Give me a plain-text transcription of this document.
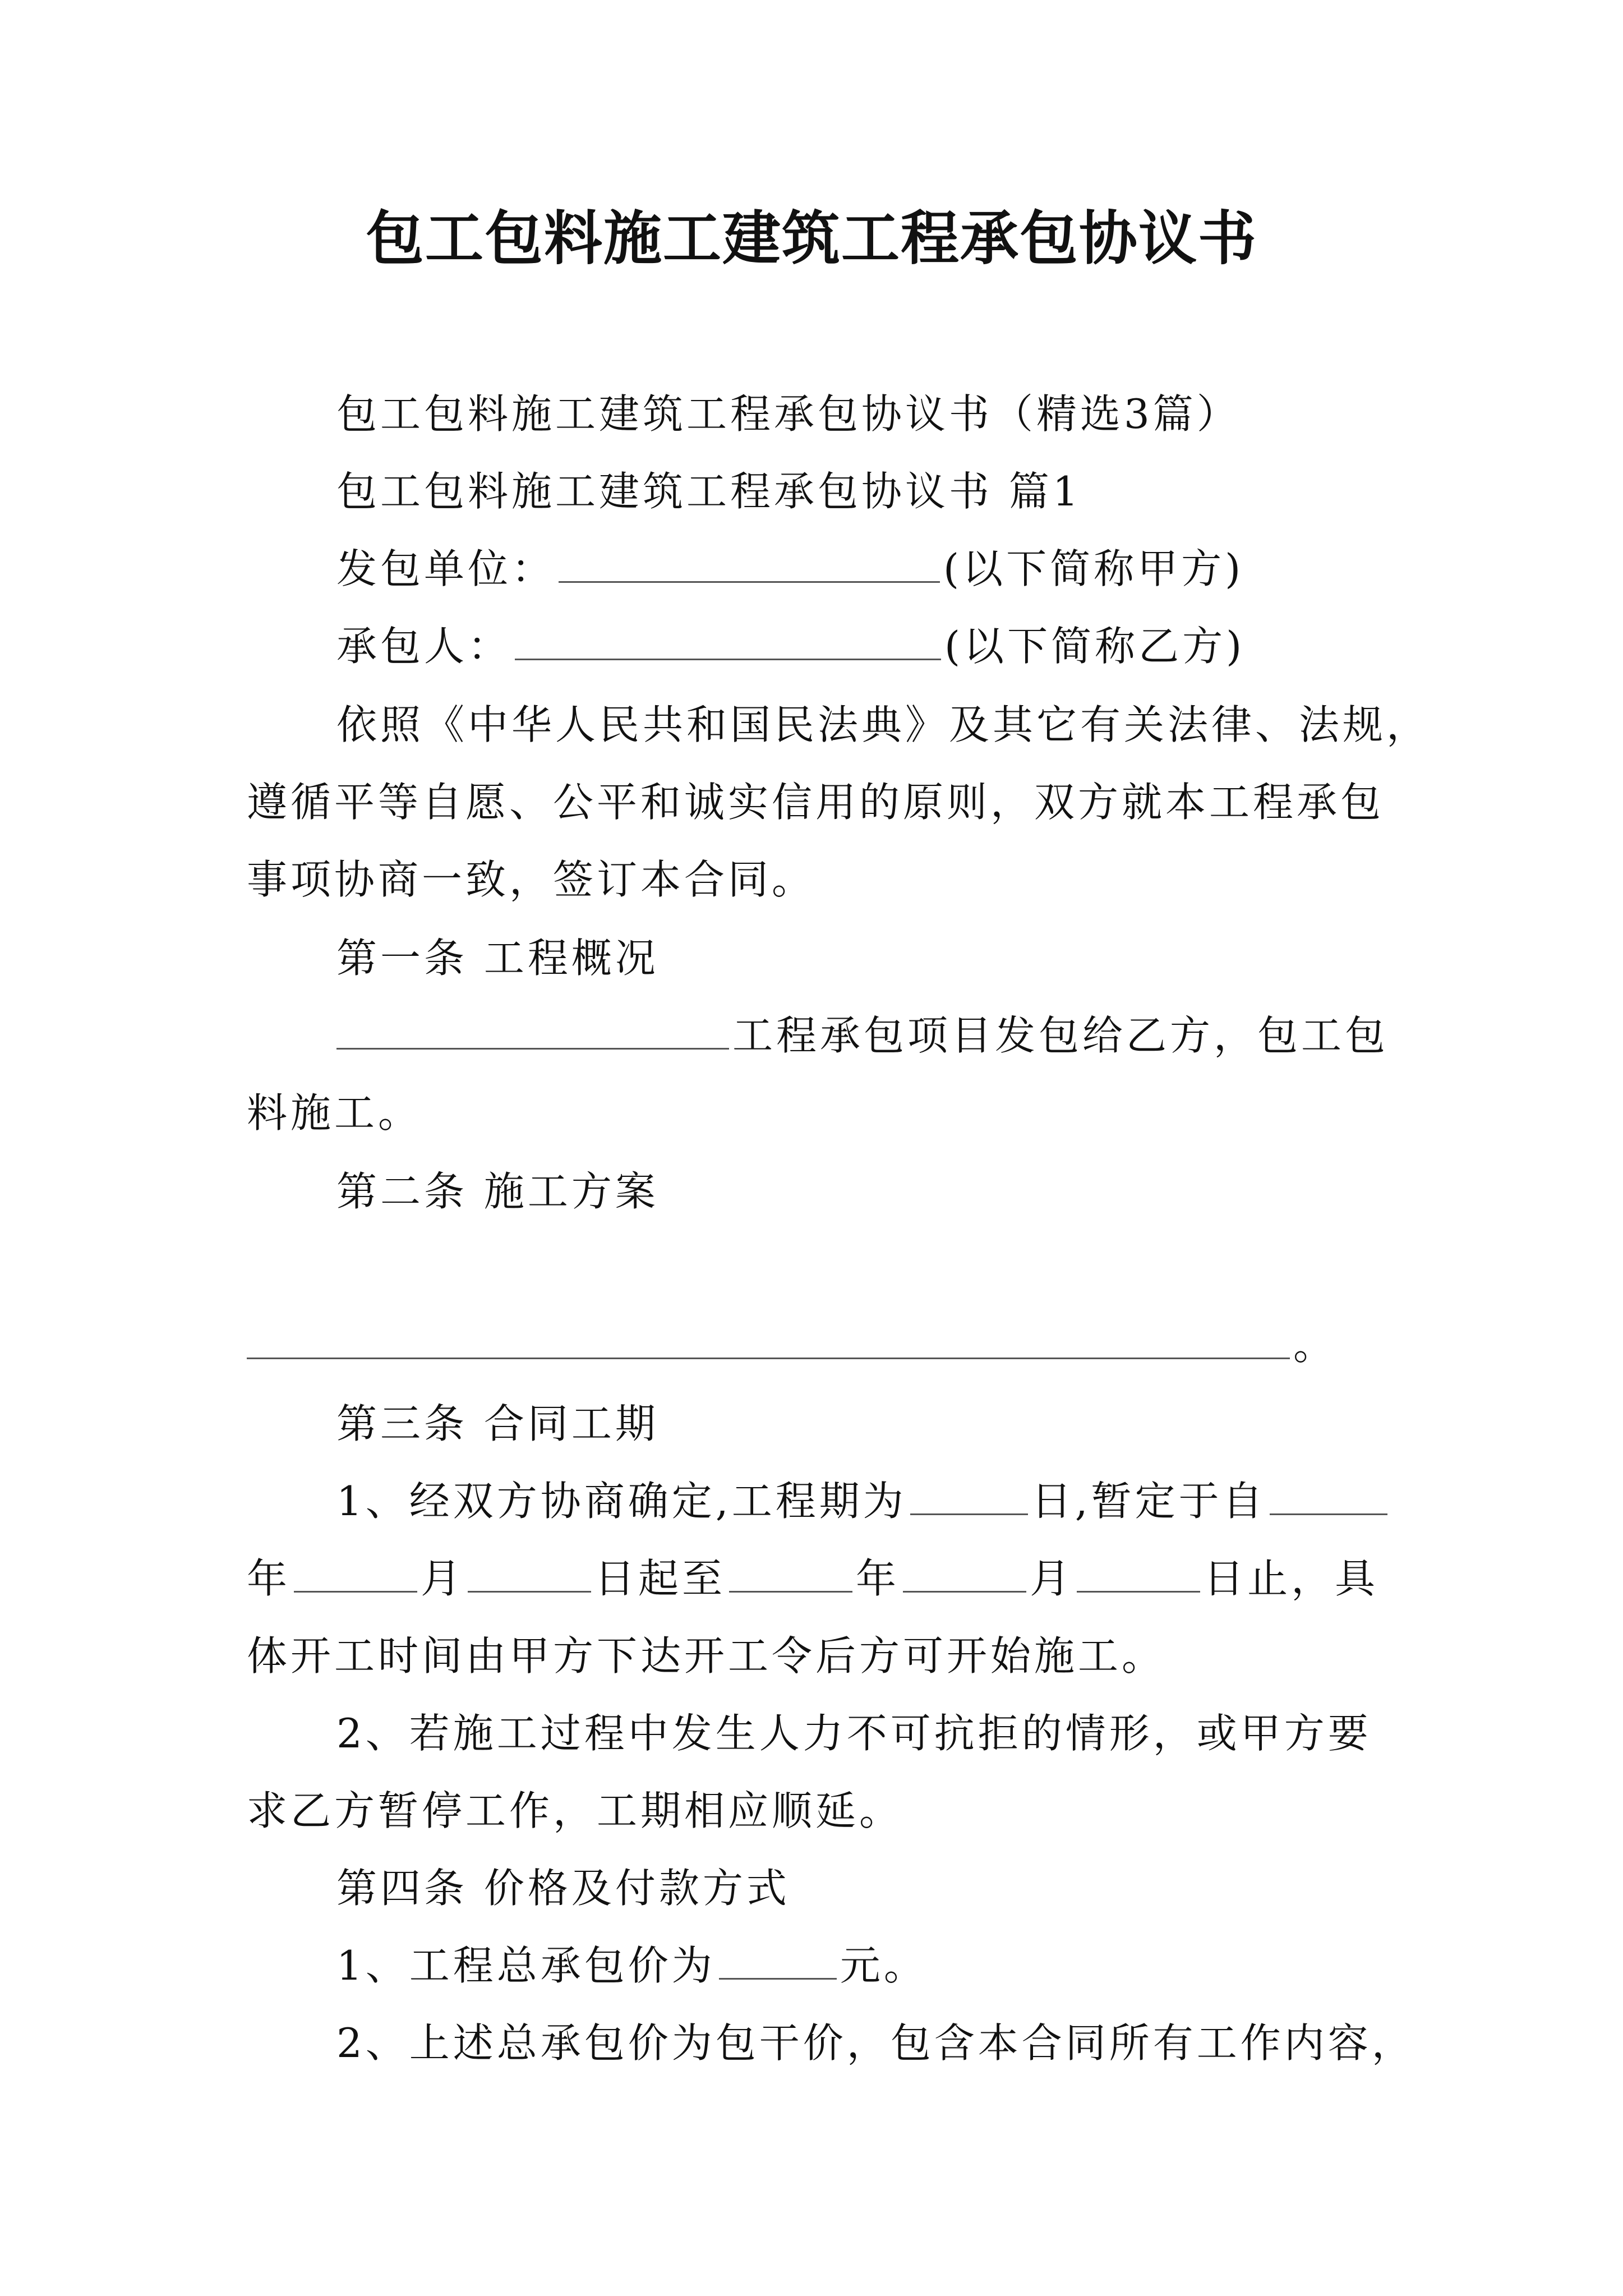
包工包料施工建筑工程承包协议书
包工包料施工建筑工程承包协议书（精选3篇）
包工包料施工建筑工程承包协议书 篇1
发包单位：	(以下简称甲方)
承包人：	(以下简称乙方)
依照《中华人民共和国民法典》及其它有关法律、法规，
遵循平等自愿、公平和诚实信用的原则，双方就本工程承包
事项协商一致，签订本合同。
第一条 工程概况
工程承包项目发包给乙方，包工包
料施工。
第二条 施工方案
。
第三条 合同工期
1、经双方协商确定,工程期为	日,暂定于自
年	月	日起至	年	月	日止，具
体开工时间由甲方下达开工令后方可开始施工。
2、若施工过程中发生人力不可抗拒的情形，或甲方要
求乙方暂停工作，工期相应顺延。
第四条 价格及付款方式
1、工程总承包价为	元。
2、上述总承包价为包干价，包含本合同所有工作内容，
